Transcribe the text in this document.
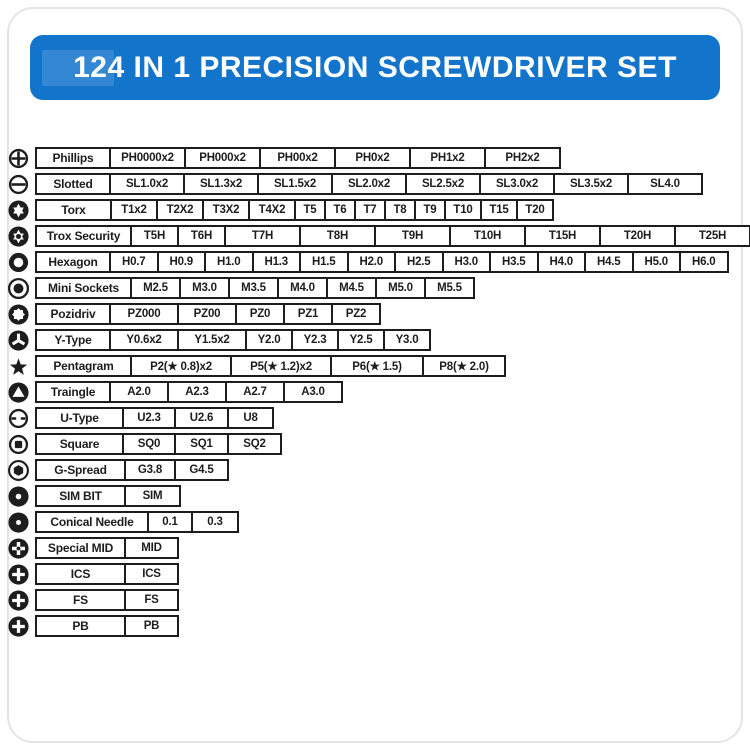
124 IN 1 PRECISION SCREWDRIVER SET
Phillips	PH0000x2	PH000x2	PH00x2	PH0x2	PH1x2	PH2x2
Slotted	SL1.0x2	SL1.3x2	SL1.5x2	SL2.0x2	SL2.5x2	SL3.0x2	SL3.5x2	SL4.0
Torx	T1x2	T2X2	T3X2	T4X2	T5	T6	T7	T8	T9	T10	T15	T20
Trox Security	T5H	T6H	T7H	T8H	T9H	T10H	T15H	T20H	T25H
Hexagon	H0.7	H0.9	H1.0	H1.3	H1.5	H2.0	H2.5	H3.0	H3.5	H4.0	H4.5	H5.0	H6.0
Mini Sockets	M2.5	M3.0	M3.5	M4.0	M4.5	M5.0	M5.5
Pozidriv	PZ000	PZ00	PZ0	PZ1	PZ2
Y-Type	Y0.6x2	Y1.5x2	Y2.0	Y2.3	Y2.5	Y3.0
Pentagram	P2(★ 0.8)x2	P5(★ 1.2)x2	P6(★ 1.5)	P8(★ 2.0)
Traingle	A2.0	A2.3	A2.7	A3.0
U-Type	U2.3	U2.6	U8
Square	SQ0	SQ1	SQ2
G-Spread	G3.8	G4.5
SIM BIT	SIM
Conical Needle	0.1	0.3
Special MID	MID
ICS	ICS
FS	FS
PB	PB
